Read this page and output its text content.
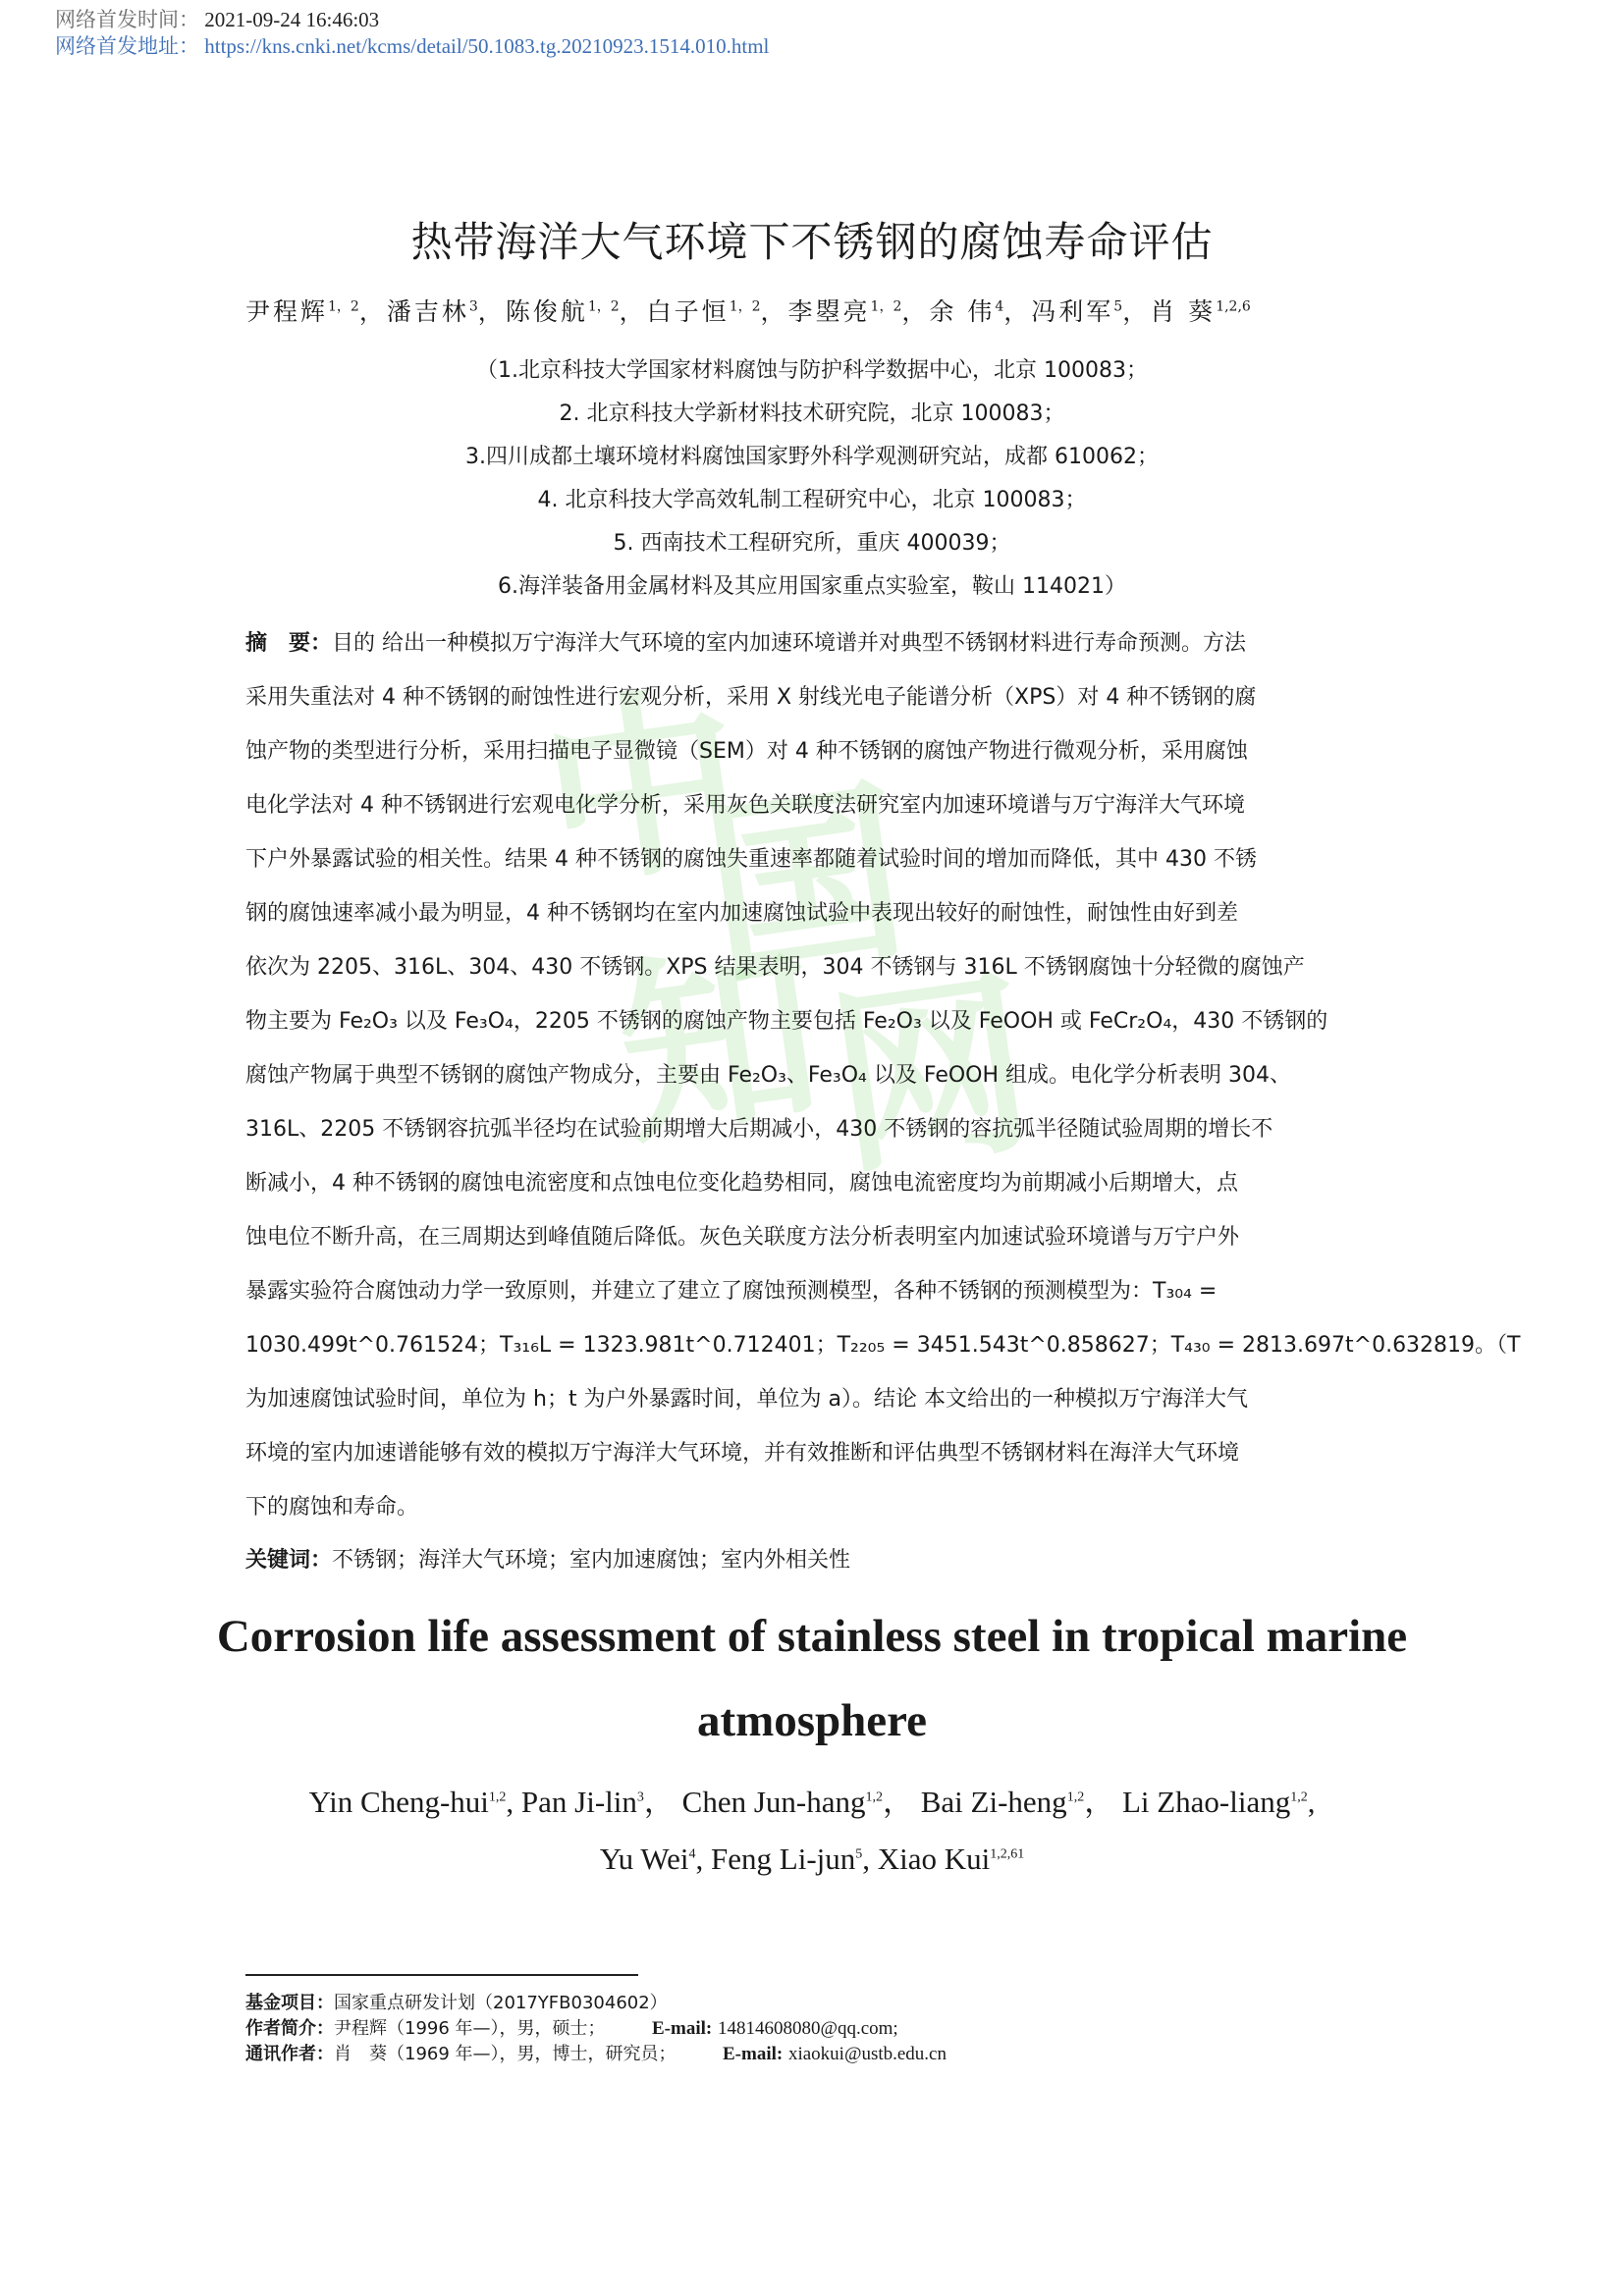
网络首发时间： 2021-09-24 16:46:03
网络首发地址： https://kns.cnki.net/kcms/detail/50.1083.tg.20210923.1514.010.html
中
国
知
网
热带海洋大气环境下不锈钢的腐蚀寿命评估
尹程辉$^{1,2}$，潘吉林$^3$，陈俊航$^{1,2}$，白子恒$^{1,2}$，李曌亮$^{1,2}$，余 伟$^4$，冯利军$^5$，肖 葵$^{1,2,6}$
（1.北京科技大学国家材料腐蚀与防护科学数据中心，北京 100083；
2. 北京科技大学新材料技术研究院，北京 100083；
3.四川成都土壤环境材料腐蚀国家野外科学观测研究站，成都 610062；
4. 北京科技大学高效轧制工程研究中心，北京 100083；
5. 西南技术工程研究所，重庆 400039；
6.海洋装备用金属材料及其应用国家重点实验室，鞍山 114021）
摘　要：目的 给出一种模拟万宁海洋大气环境的室内加速环境谱并对典型不锈钢材料进行寿命预测。方法
采用失重法对 4 种不锈钢的耐蚀性进行宏观分析，采用 X 射线光电子能谱分析（XPS）对 4 种不锈钢的腐
蚀产物的类型进行分析，采用扫描电子显微镜（SEM）对 4 种不锈钢的腐蚀产物进行微观分析，采用腐蚀
电化学法对 4 种不锈钢进行宏观电化学分析，采用灰色关联度法研究室内加速环境谱与万宁海洋大气环境
下户外暴露试验的相关性。结果 4 种不锈钢的腐蚀失重速率都随着试验时间的增加而降低，其中 430 不锈
钢的腐蚀速率减小最为明显，4 种不锈钢均在室内加速腐蚀试验中表现出较好的耐蚀性，耐蚀性由好到差
依次为 2205、316L、304、430 不锈钢。XPS 结果表明，304 不锈钢与 316L 不锈钢腐蚀十分轻微的腐蚀产
物主要为 Fe₂O₃ 以及 Fe₃O₄，2205 不锈钢的腐蚀产物主要包括 Fe₂O₃ 以及 FeOOH 或 FeCr₂O₄，430 不锈钢的
腐蚀产物属于典型不锈钢的腐蚀产物成分，主要由 Fe₂O₃、Fe₃O₄ 以及 FeOOH 组成。电化学分析表明 304、
316L、2205 不锈钢容抗弧半径均在试验前期增大后期减小，430 不锈钢的容抗弧半径随试验周期的增长不
断减小，4 种不锈钢的腐蚀电流密度和点蚀电位变化趋势相同，腐蚀电流密度均为前期减小后期增大，点
蚀电位不断升高，在三周期达到峰值随后降低。灰色关联度方法分析表明室内加速试验环境谱与万宁户外
暴露实验符合腐蚀动力学一致原则，并建立了建立了腐蚀预测模型，各种不锈钢的预测模型为：T₃₀₄ =
1030.499t^0.761524；T₃₁₆L = 1323.981t^0.712401；T₂₂₀₅ = 3451.543t^0.858627；T₄₃₀ = 2813.697t^0.632819。（T
为加速腐蚀试验时间，单位为 h；t 为户外暴露时间，单位为 a）。结论 本文给出的一种模拟万宁海洋大气
环境的室内加速谱能够有效的模拟万宁海洋大气环境，并有效推断和评估典型不锈钢材料在海洋大气环境
下的腐蚀和寿命。
关键词：不锈钢；海洋大气环境；室内加速腐蚀；室内外相关性
Corrosion life assessment of stainless steel in tropical marine
atmosphere
Yin Cheng-hui$^{1,2}$, Pan Ji-lin$^3$， Chen Jun-hang$^{1,2}$， Bai Zi-heng$^{1,2}$， Li Zhao-liang$^{1,2}$,
Yu Wei$^4$, Feng Li-jun$^5$, Xiao Kui$^{1,2,61}$
基金项目：国家重点研发计划（2017YFB0304602）
作者简介：尹程辉（1996 年—），男，硕士； E-mail: 14814608080@qq.com;
通讯作者：肖　葵（1969 年—），男，博士，研究员； E-mail: xiaokui@ustb.edu.cn
